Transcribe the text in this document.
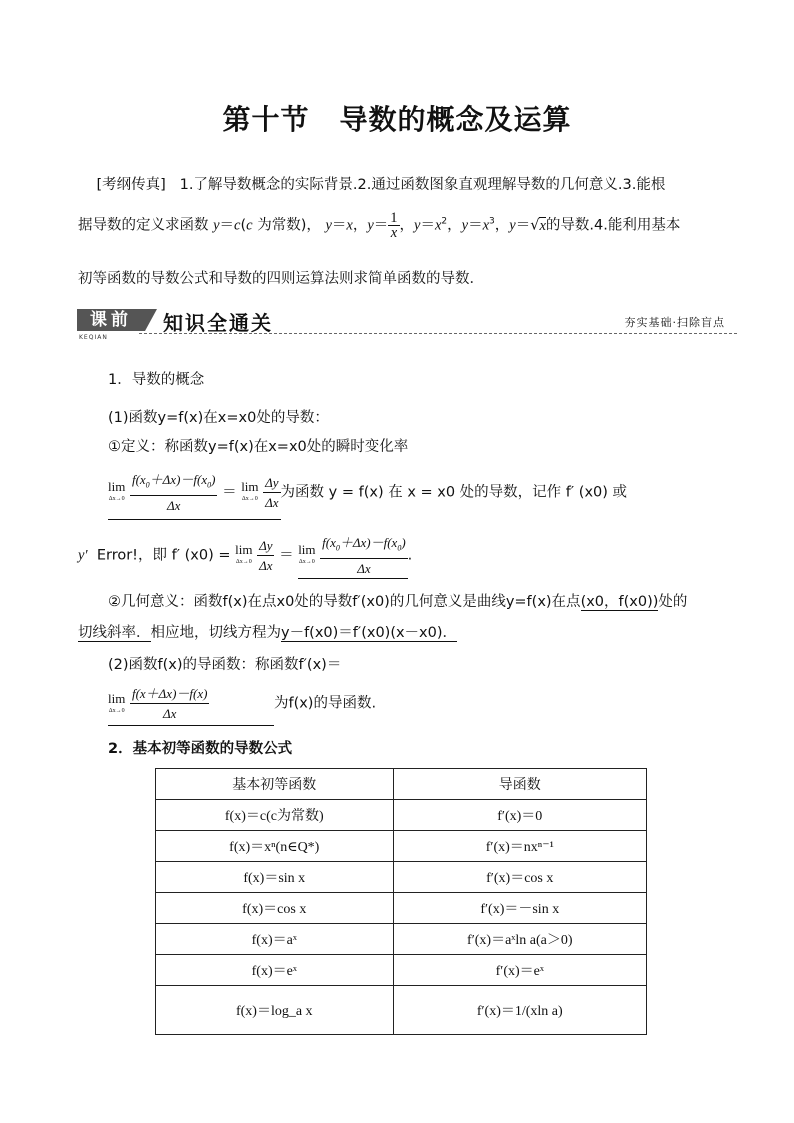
第十节 导数的概念及运算
[考纲传真] 1.了解导数概念的实际背景.2.通过函数图象直观理解导数的几何意义.3.能根
据导数的定义求函数 y＝c(c 为常数)， y＝x，$y= \frac{1}{x}$ ，$y=x^2$，$y=x^3$，y＝√x的导数.4.能利用基本
初等函数的导数公式和导数的四则运算法则求简单函数的导数．
课前
KEQIAN
知识全通关	夯实基础·扫除盲点
1．导数的概念
(1)函数y=f(x)在x=x0处的导数：
①定义：称函数y=f(x)在x=x0处的瞬时变化率
lim
Δx→0
$\frac{f(x_0+\Delta x)-f(x_0)}{\Delta x} = \lim$
Δx→0
$\frac{\Delta y}{\Delta x}$ 为函数 y = f(x) 在 x = x0 处的导数，记作 f′ (x0) 或
y′ Error!，即 f′ (x0) = lim
Δx→0
$\frac{\Delta y}{\Delta x} = \lim$
Δx→0
$\frac{f(x_0+\Delta x)-f(x_0)}{\Delta x}$ .
②几何意义：函数f(x)在点x0处的导数f′(x0)的几何意义是曲线y=f(x)在点(x0，f(x0))处的
切线斜率．相应地，切线方程为y－f(x0)＝f′(x0)(x－x0)．
(2)函数f(x)的导函数：称函数f′(x)＝
lim
Δx→0
$\frac{f(x+\Delta x)-f(x)}{\Delta x}$	为f(x)的导函数.
2．基本初等函数的导数公式
基本初等函数	导函数
f(x)＝c(c为常数)	f′(x)＝0
f(x)＝xⁿ(n∈Q*)	f′(x)＝nxⁿ⁻¹
f(x)＝sin x	f′(x)＝cos x
f(x)＝cos x	f′(x)＝－sin x
f(x)＝aˣ	f′(x)＝aˣln a(a＞0)
f(x)＝eˣ	f′(x)＝eˣ
f(x)＝log_a x	f′(x)＝1/(xln a)
